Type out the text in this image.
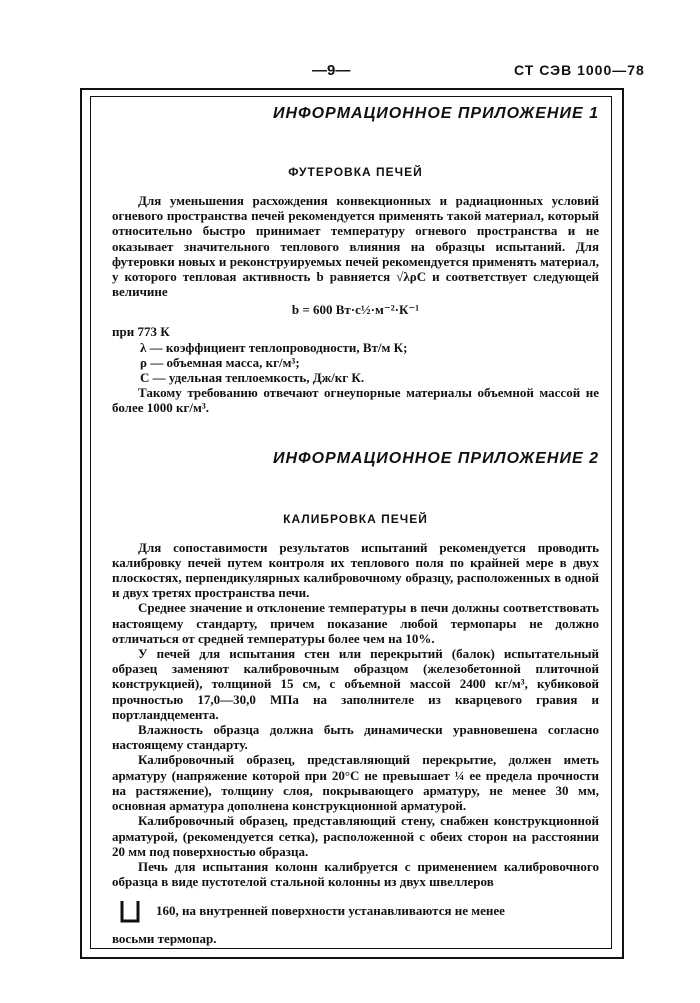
—9—	СТ СЭВ 1000—78
ИНФОРМАЦИОННОЕ ПРИЛОЖЕНИЕ 1
ФУТЕРОВКА ПЕЧЕЙ

Для уменьшения расхождения конвекционных и радиационных условий огневого пространства печей рекомендуется применять такой материал, который относительно быстро принимает температуру огневого пространства и не оказывает значительного теплового влияния на образцы испытаний. Для футеровки новых и реконструируемых печей рекомендуется применять материал, у которого тепловая активность b равняется √λρC и соответствует следующей величине

b = 600 Вт·с½·м⁻²·К⁻¹

при 773 К

λ — коэффициент теплопроводности, Вт/м К;

ρ — объемная масса, кг/м³;

C — удельная теплоемкость, Дж/кг К.

Такому требованию отвечают огнеупорные материалы объемной массой не более 1000 кг/м³.

ИНФОРМАЦИОННОЕ ПРИЛОЖЕНИЕ 2
КАЛИБРОВКА ПЕЧЕЙ

Для сопоставимости результатов испытаний рекомендуется проводить калибровку печей путем контроля их теплового поля по крайней мере в двух плоскостях, перпендикулярных калибровочному образцу, расположенных в одной и двух третях пространства печи.

Среднее значение и отклонение температуры в печи должны соответствовать настоящему стандарту, причем показание любой термопары не должно отличаться от средней температуры более чем на 10%.

У печей для испытания стен или перекрытий (балок) испытательный образец заменяют калибровочным образцом (железобетонной плиточной конструкцией), толщиной 15 см, с объемной массой 2400 кг/м³, кубиковой прочностью 17,0—30,0 МПа на заполнителе из кварцевого гравия и портландцемента.

Влажность образца должна быть динамически уравновешена согласно настоящему стандарту.

Калибровочный образец, представляющий перекрытие, должен иметь арматуру (напряжение которой при 20°С не превышает ¼ ее предела прочности на растяжение), толщину слоя, покрывающего арматуру, не менее 30 мм, основная арматура дополнена конструкционной арматурой.

Калибровочный образец, представляющий стену, снабжен конструкционной арматурой, (рекомендуется сетка), расположенной с обеих сторон на расстоянии 20 мм под поверхностью образца.

Печь для испытания колонн калибруется с применением калибровочного образца в виде пустотелой стальной колонны из двух швеллеров

160, на внутренней поверхности устанавливаются не менее

восьми термопар.
